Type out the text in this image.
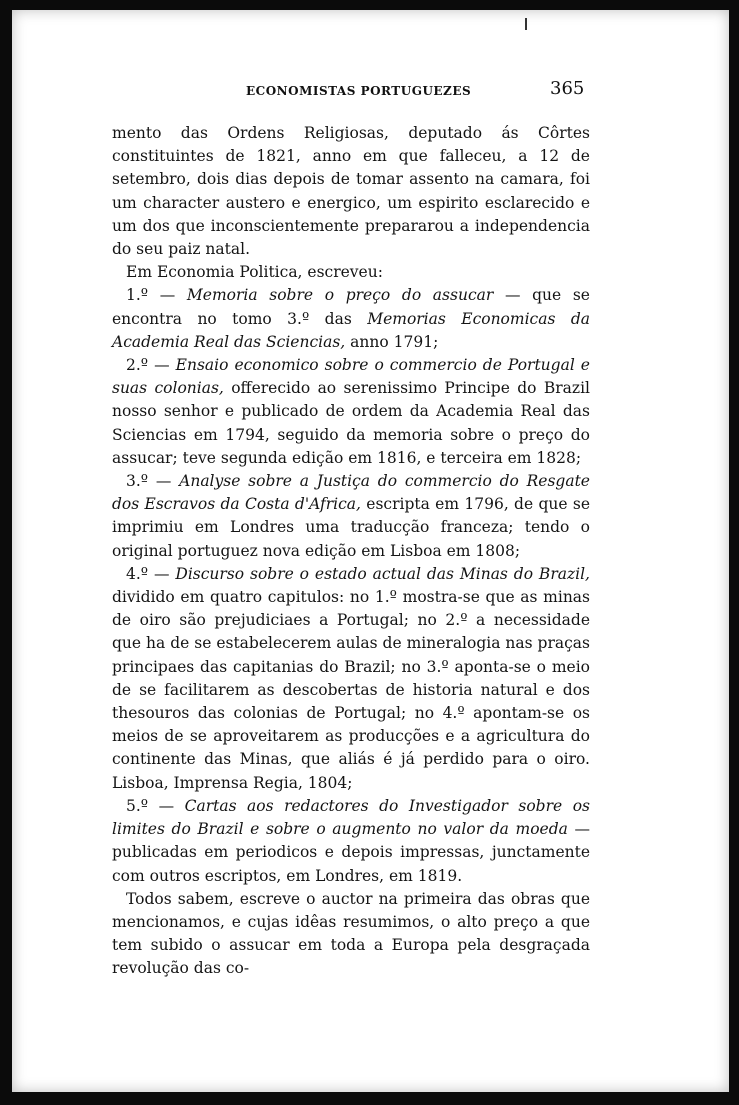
ECONOMISTAS PORTUGUEZES	365

mento das Ordens Religiosas, deputado ás Côrtes constituintes de 1821, anno em que falleceu, a 12 de setembro, dois dias depois de tomar assento na camara, foi um character austero e energico, um espirito esclarecido e um dos que inconscientemente prepararou a independencia do seu paiz natal.

Em Economia Politica, escreveu:

1.º — Memoria sobre o preço do assucar — que se encontra no tomo 3.º das Memorias Economicas da Academia Real das Sciencias, anno 1791;

2.º — Ensaio economico sobre o commercio de Portugal e suas colonias, offerecido ao serenissimo Principe do Brazil nosso senhor e publicado de ordem da Academia Real das Sciencias em 1794, seguido da memoria sobre o preço do assucar; teve segunda edição em 1816, e terceira em 1828;

3.º — Analyse sobre a Justiça do commercio do Resgate dos Escravos da Costa d'Africa, escripta em 1796, de que se imprimiu em Londres uma traducção franceza; tendo o original portuguez nova edição em Lisboa em 1808;

4.º — Discurso sobre o estado actual das Minas do Brazil, dividido em quatro capitulos: no 1.º mostra-se que as minas de oiro são prejudiciaes a Portugal; no 2.º a necessidade que ha de se estabelecerem aulas de mineralogia nas praças principaes das capitanias do Brazil; no 3.º aponta-se o meio de se facilitarem as descobertas de historia natural e dos thesouros das colonias de Portugal; no 4.º apontam-se os meios de se aproveitarem as producções e a agricultura do continente das Minas, que aliás é já perdido para o oiro. Lisboa, Imprensa Regia, 1804;

5.º — Cartas aos redactores do Investigador sobre os limites do Brazil e sobre o augmento no valor da moeda — publicadas em periodicos e depois impressas, junctamente com outros escriptos, em Londres, em 1819.

Todos sabem, escreve o auctor na primeira das obras que mencionamos, e cujas idêas resumimos, o alto preço a que tem subido o assucar em toda a Europa pela desgraçada revolução das co-
